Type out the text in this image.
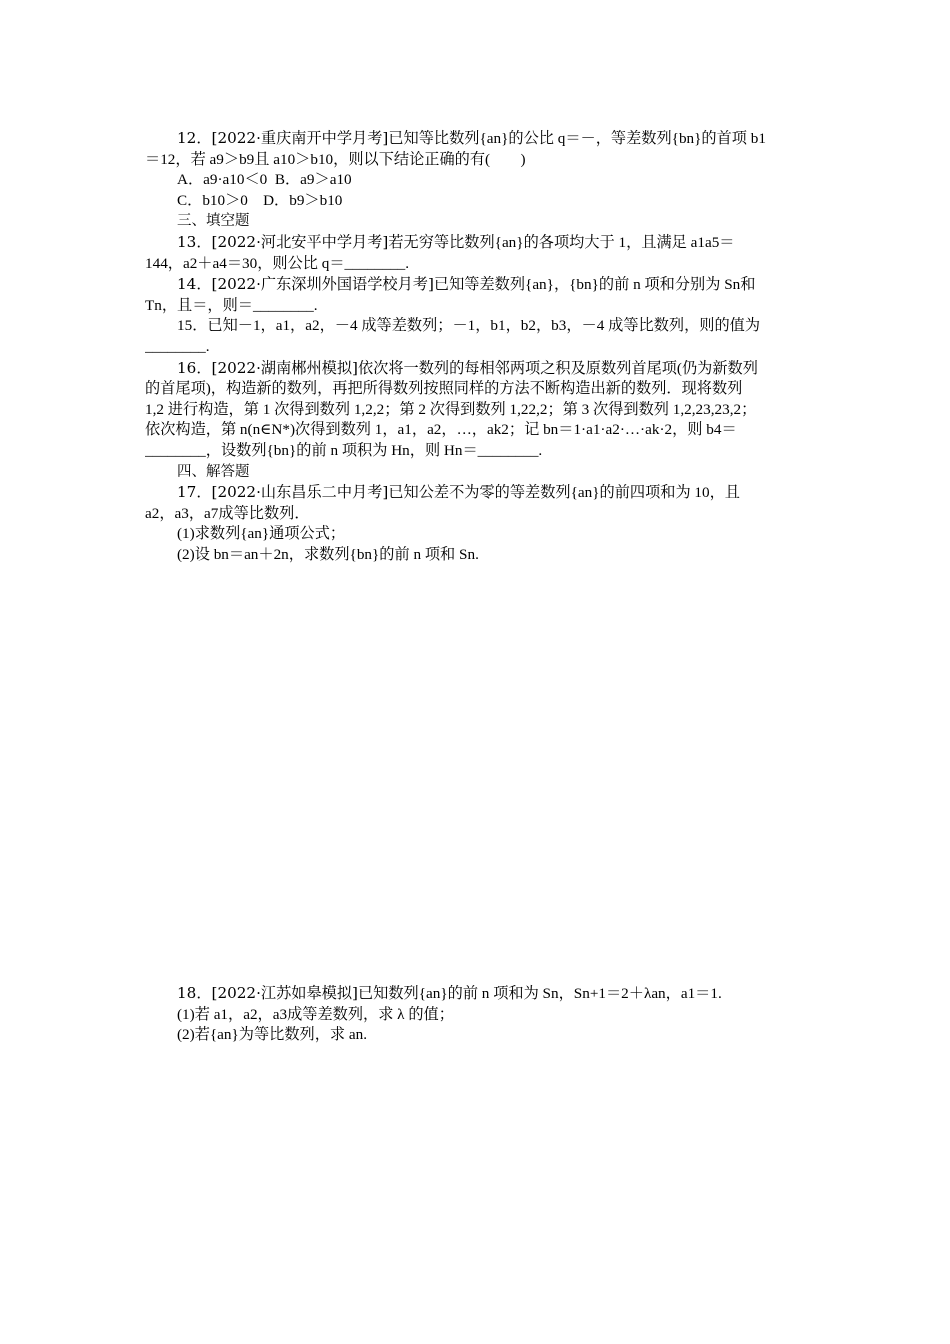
12．[2022·重庆南开中学月考]已知等比数列{an}的公比 q＝－，等差数列{bn}的首项 b1
＝12，若 a9＞b9且 a10＞b10，则以下结论正确的有(　　)
A．a9·a10＜0 B．a9＞a10
C．b10＞0 D．b9＞b10
三、填空题
13．[2022·河北安平中学月考]若无穷等比数列{an}的各项均大于 1，且满足 a1a5＝
144，a2＋a4＝30，则公比 q＝________.
14．[2022·广东深圳外国语学校月考]已知等差数列{an}，{bn}的前 n 项和分别为 Sn和
Tn，且＝，则＝________.
15．已知－1，a1，a2，－4 成等差数列；－1，b1，b2，b3，－4 成等比数列，则的值为
________.
16．[2022·湖南郴州模拟]依次将一数列的每相邻两项之积及原数列首尾项(仍为新数列
的首尾项)，构造新的数列，再把所得数列按照同样的方法不断构造出新的数列．现将数列
1,2 进行构造，第 1 次得到数列 1,2,2；第 2 次得到数列 1,22,2；第 3 次得到数列 1,2,23,23,2；
依次构造，第 n(n∈N*)次得到数列 1，a1，a2，…，ak2；记 bn＝1·a1·a2·…·ak·2，则 b4＝
________，设数列{bn}的前 n 项积为 Hn，则 Hn＝________.
四、解答题
17．[2022·山东昌乐二中月考]已知公差不为零的等差数列{an}的前四项和为 10，且
a2，a3，a7成等比数列．
(1)求数列{an}通项公式；
(2)设 bn＝an＋2n，求数列{bn}的前 n 项和 Sn.
18．[2022·江苏如皋模拟]已知数列{an}的前 n 项和为 Sn，Sn+1＝2＋λan，a1＝1.
(1)若 a1，a2，a3成等差数列，求 λ 的值；
(2)若{an}为等比数列，求 an.
